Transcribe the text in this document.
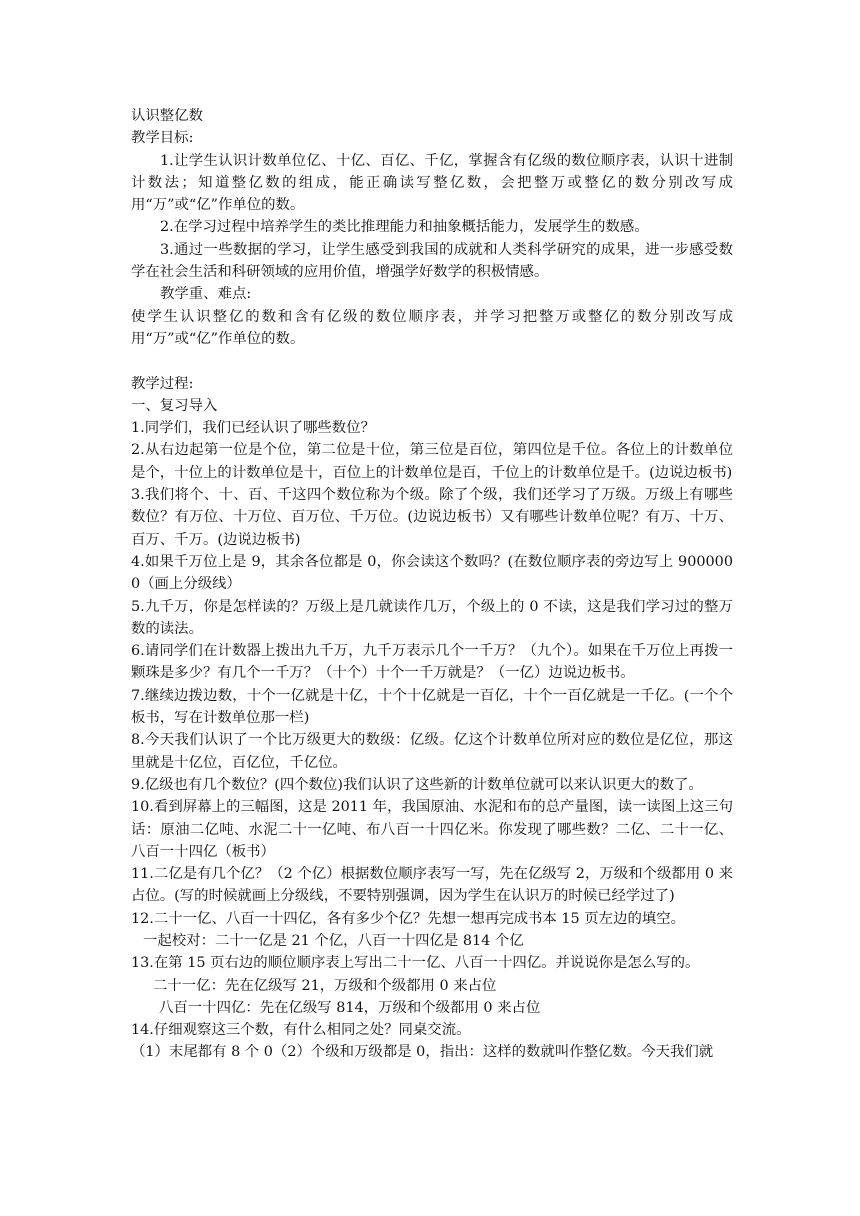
认识整亿数

教学目标:

1.让学生认识计数单位亿、十亿、百亿、千亿，掌握含有亿级的数位顺序表，认识十进制计数法；知道整亿数的组成，能正确读写整亿数，会把整万或整亿的数分别改写成用“万”或“亿”作单位的数。

2.在学习过程中培养学生的类比推理能力和抽象概括能力，发展学生的数感。

3.通过一些数据的学习，让学生感受到我国的成就和人类科学研究的成果，进一步感受数学在社会生活和科研领域的应用价值，增强学好数学的积极情感。

教学重、难点:

使学生认识整亿的数和含有亿级的数位顺序表，并学习把整万或整亿的数分别改写成用“万”或“亿”作单位的数。

教学过程:

一、复习导入

1.同学们，我们已经认识了哪些数位？

2.从右边起第一位是个位，第二位是十位，第三位是百位，第四位是千位。各位上的计数单位是个，十位上的计数单位是十，百位上的计数单位是百，千位上的计数单位是千。(边说边板书)

3.我们将个、十、百、千这四个数位称为个级。除了个级，我们还学习了万级。万级上有哪些数位？有万位、十万位、百万位、千万位。(边说边板书）又有哪些计数单位呢？有万、十万、百万、千万。(边说边板书)

4.如果千万位上是 9，其余各位都是 0，你会读这个数吗？(在数位顺序表的旁边写上 9000000（画上分级线）

5.九千万，你是怎样读的？万级上是几就读作几万，个级上的 0 不读，这是我们学习过的整万数的读法。

6.请同学们在计数器上拨出九千万，九千万表示几个一千万？（九个）。如果在千万位上再拨一颗珠是多少？有几个一千万？（十个）十个一千万就是？（一亿）边说边板书。

7.继续边拨边数，十个一亿就是十亿，十个十亿就是一百亿，十个一百亿就是一千亿。(一个个板书，写在计数单位那一栏)

8.今天我们认识了一个比万级更大的数级：亿级。亿这个计数单位所对应的数位是亿位，那这里就是十亿位，百亿位，千亿位。

9.亿级也有几个数位？(四个数位)我们认识了这些新的计数单位就可以来认识更大的数了。

10.看到屏幕上的三幅图，这是 2011 年，我国原油、水泥和布的总产量图，读一读图上这三句话：原油二亿吨、水泥二十一亿吨、布八百一十四亿米。你发现了哪些数？二亿、二十一亿、八百一十四亿（板书）

11.二亿是有几个亿？（2 个亿）根据数位顺序表写一写，先在亿级写 2，万级和个级都用 0 来占位。(写的时候就画上分级线，不要特别强调，因为学生在认识万的时候已经学过了)

12.二十一亿、八百一十四亿，各有多少个亿？先想一想再完成书本 15 页左边的填空。

一起校对：二十一亿是 21 个亿，八百一十四亿是 814 个亿

13.在第 15 页右边的顺位顺序表上写出二十一亿、八百一十四亿。并说说你是怎么写的。

二十一亿：先在亿级写 21，万级和个级都用 0 来占位

八百一十四亿：先在亿级写 814，万级和个级都用 0 来占位

14.仔细观察这三个数，有什么相同之处？同桌交流。

（1）末尾都有 8 个 0（2）个级和万级都是 0，指出：这样的数就叫作整亿数。今天我们就
